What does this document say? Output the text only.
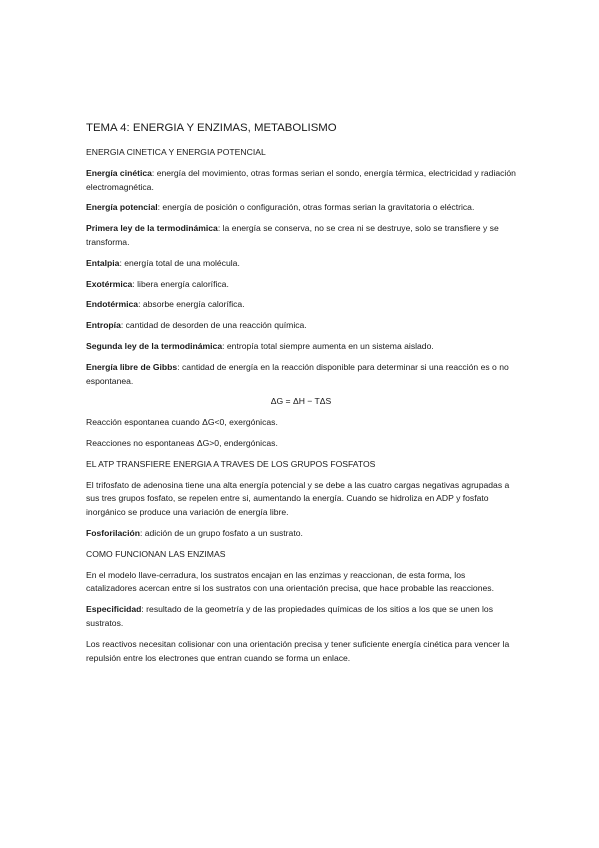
TEMA 4: ENERGIA Y ENZIMAS, METABOLISMO
ENERGIA CINETICA Y ENERGIA POTENCIAL

Energía cinética: energía del movimiento, otras formas serian el sondo, energía térmica, electricidad y radiación electromagnética.

Energía potencial: energía de posición o configuración, otras formas serian la gravitatoria o eléctrica.

Primera ley de la termodinámica: la energía se conserva, no se crea ni se destruye, solo se transfiere y se transforma.

Entalpia: energía total de una molécula.

Exotérmica: libera energía calorífica.

Endotérmica: absorbe energía calorífica.

Entropía: cantidad de desorden de una reacción química.

Segunda ley de la termodinámica: entropía total siempre aumenta en un sistema aislado.

Energía libre de Gibbs: cantidad de energía en la reacción disponible para determinar si una reacción es o no espontanea.

ΔG = ΔH − TΔS

Reacción espontanea cuando ΔG<0, exergónicas.

Reacciones no espontaneas ΔG>0, endergónicas.

EL ATP TRANSFIERE ENERGIA A TRAVES DE LOS GRUPOS FOSFATOS

El trifosfato de adenosina tiene una alta energía potencial y se debe a las cuatro cargas negativas agrupadas a sus tres grupos fosfato, se repelen entre si, aumentando la energía. Cuando se hidroliza en ADP y fosfato inorgánico se produce una variación de energía libre.

Fosforilación: adición de un grupo fosfato a un sustrato.

COMO FUNCIONAN LAS ENZIMAS

En el modelo llave-cerradura, los sustratos encajan en las enzimas y reaccionan, de esta forma, los catalizadores acercan entre si los sustratos con una orientación precisa, que hace probable las reacciones.

Especificidad: resultado de la geometría y de las propiedades químicas de los sitios a los que se unen los sustratos.

Los reactivos necesitan colisionar con una orientación precisa y tener suficiente energía cinética para vencer la repulsión entre los electrones que entran cuando se forma un enlace.
